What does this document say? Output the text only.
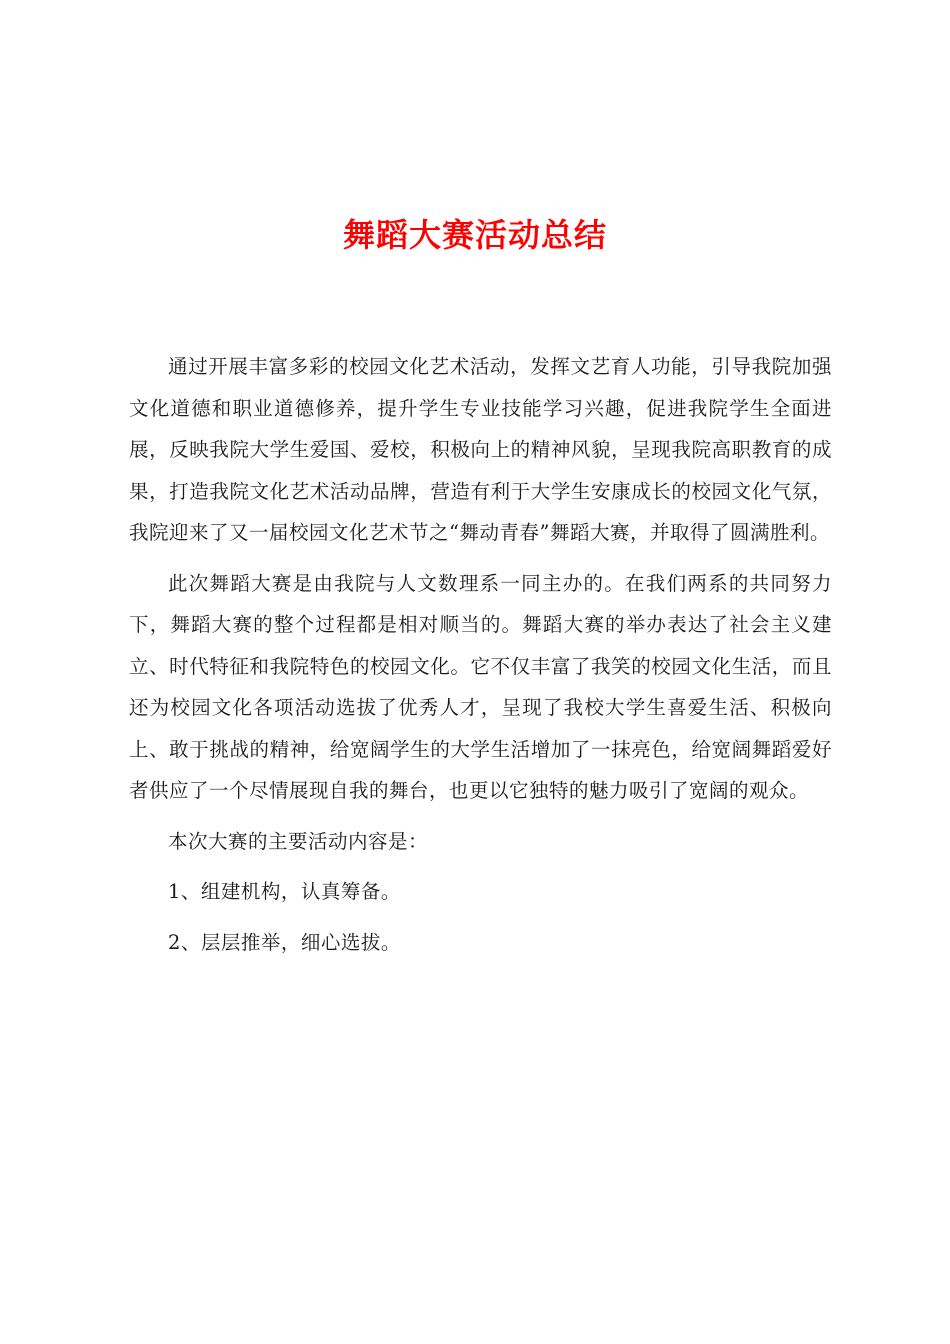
舞蹈大赛活动总结

通过开展丰富多彩的校园文化艺术活动，发挥文艺育人功能，引导我院加强文化道德和职业道德修养，提升学生专业技能学习兴趣，促进我院学生全面进展，反映我院大学生爱国、爱校，积极向上的精神风貌，呈现我院高职教育的成果，打造我院文化艺术活动品牌，营造有利于大学生安康成长的校园文化气氛，我院迎来了又一届校园文化艺术节之“舞动青春”舞蹈大赛，并取得了圆满胜利。

此次舞蹈大赛是由我院与人文数理系一同主办的。在我们两系的共同努力下，舞蹈大赛的整个过程都是相对顺当的。舞蹈大赛的举办表达了社会主义建立、时代特征和我院特色的校园文化。它不仅丰富了我笑的校园文化生活，而且还为校园文化各项活动选拔了优秀人才，呈现了我校大学生喜爱生活、积极向上、敢于挑战的精神，给宽阔学生的大学生活增加了一抹亮色，给宽阔舞蹈爱好者供应了一个尽情展现自我的舞台，也更以它独特的魅力吸引了宽阔的观众。

本次大赛的主要活动内容是：

1、组建机构，认真筹备。

2、层层推举，细心选拔。
